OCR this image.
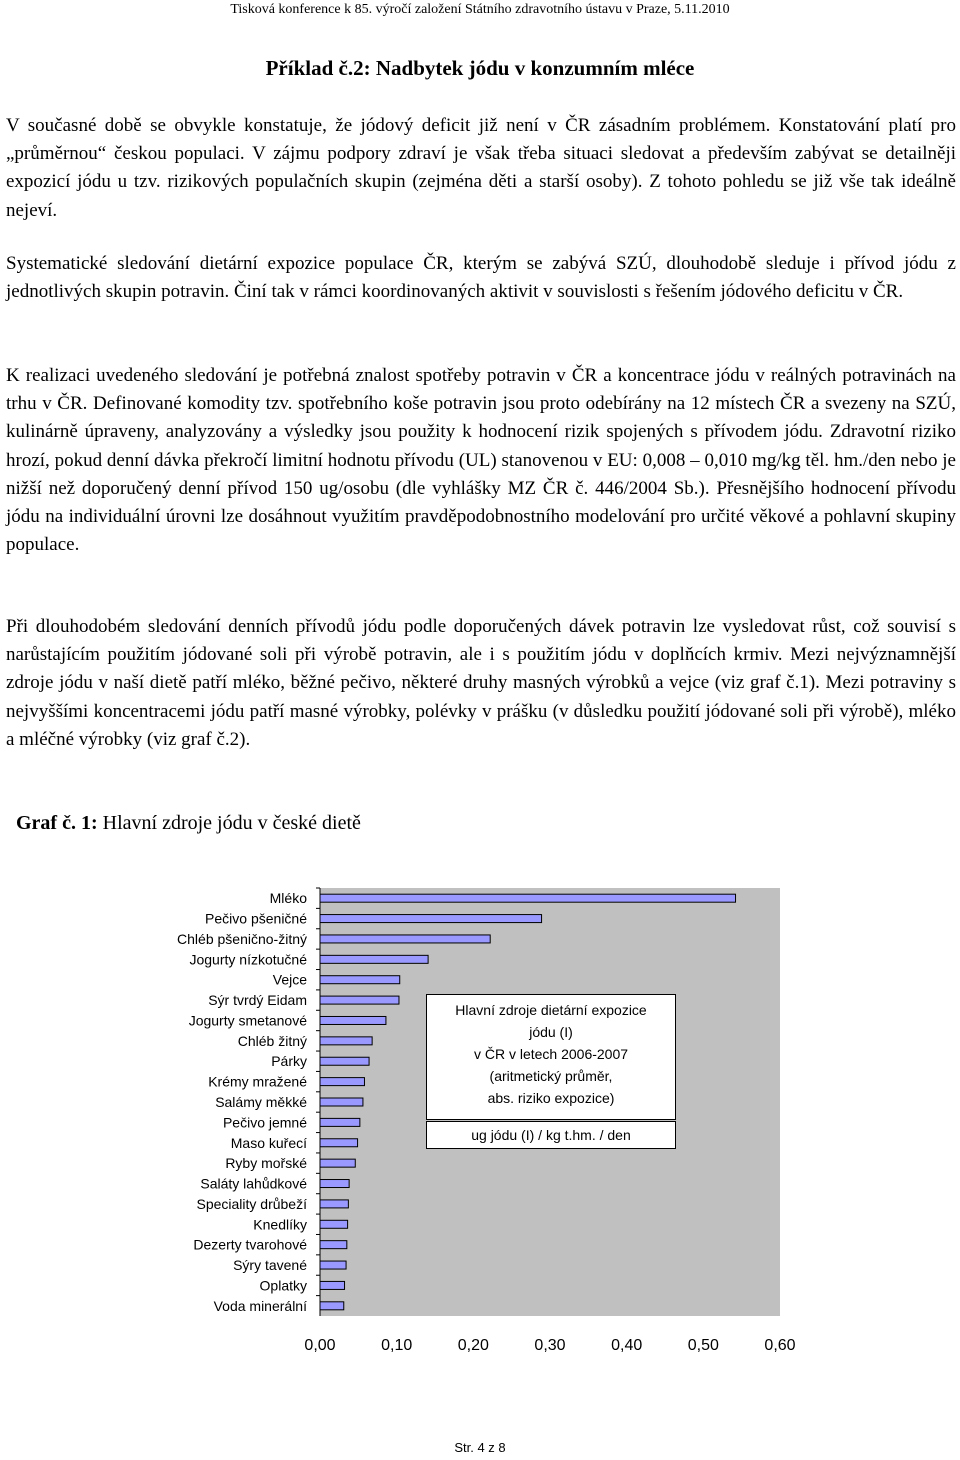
Tisková konference k 85. výročí založení Státního zdravotního ústavu v Praze, 5.11.2010
Příklad č.2: Nadbytek jódu v konzumním mléce

V současné době se obvykle konstatuje, že jódový deficit již není v ČR zásadním problémem. Konstatování platí pro „průměrnou“ českou populaci. V zájmu podpory zdraví je však třeba situaci sledovat a především zabývat se detailněji expozicí jódu u tzv. rizikových populačních skupin (zejména děti a starší osoby). Z tohoto pohledu se již vše tak ideálně nejeví.

Systematické sledování dietární expozice populace ČR, kterým se zabývá SZÚ, dlouhodobě sleduje i přívod jódu z jednotlivých skupin potravin. Činí tak v rámci koordinovaných aktivit v souvislosti s řešením jódového deficitu v ČR.

K realizaci uvedeného sledování je potřebná znalost spotřeby potravin v ČR a koncentrace jódu v reálných potravinách na trhu v ČR. Definované komodity tzv. spotřebního koše potravin jsou proto odebírány na 12 místech ČR a svezeny na SZÚ, kulinárně úpraveny, analyzovány a výsledky jsou použity k hodnocení rizik spojených s přívodem jódu. Zdravotní riziko hrozí, pokud denní dávka překročí limitní hodnotu přívodu (UL) stanovenou v EU: 0,008 – 0,010 mg/kg těl. hm./den nebo je nižší než doporučený denní přívod 150 ug/osobu (dle vyhlášky MZ ČR č. 446/2004 Sb.). Přesnějšího hodnocení přívodu jódu na individuální úrovni lze dosáhnout využitím pravděpodobnostního modelování pro určité věkové a pohlavní skupiny populace.

Při dlouhodobém sledování denních přívodů jódu podle doporučených dávek potravin lze vysledovat růst, což souvisí s narůstajícím použitím jódované soli při výrobě potravin, ale i s použitím jódu v doplňcích krmiv. Mezi nejvýznamnější zdroje jódu v naší dietě patří mléko, běžné pečivo, některé druhy masných výrobků a vejce (viz graf č.1). Mezi potraviny s nejvyššími koncentracemi jódu patří masné výrobky, polévky v prášku (v důsledku použití jódované soli při výrobě), mléko a mléčné výrobky (viz graf č.2).

Graf č. 1: Hlavní zdroje jódu v české dietě
Mléko
Pečivo pšeničné
Chléb pšenično-žitný
Jogurty nízkotučné
Vejce
Sýr tvrdý Eidam
Jogurty smetanové
Chléb žitný
Párky
Krémy mražené
Salámy měkké
Pečivo jemné
Maso kuřecí
Ryby mořské
Saláty lahůdkové
Speciality drůbeží
Knedlíky
Dezerty tvarohové
Sýry tavené
Oplatky
Voda minerální
0,00	0,10	0,20	0,30	0,40	0,50	0,60
Hlavní zdroje dietární expozice
jódu (I)
v ČR v letech 2006-2007
(aritmetický průměr,
abs. riziko expozice)
ug jódu (I) / kg t.hm. / den
Str. 4 z 8
